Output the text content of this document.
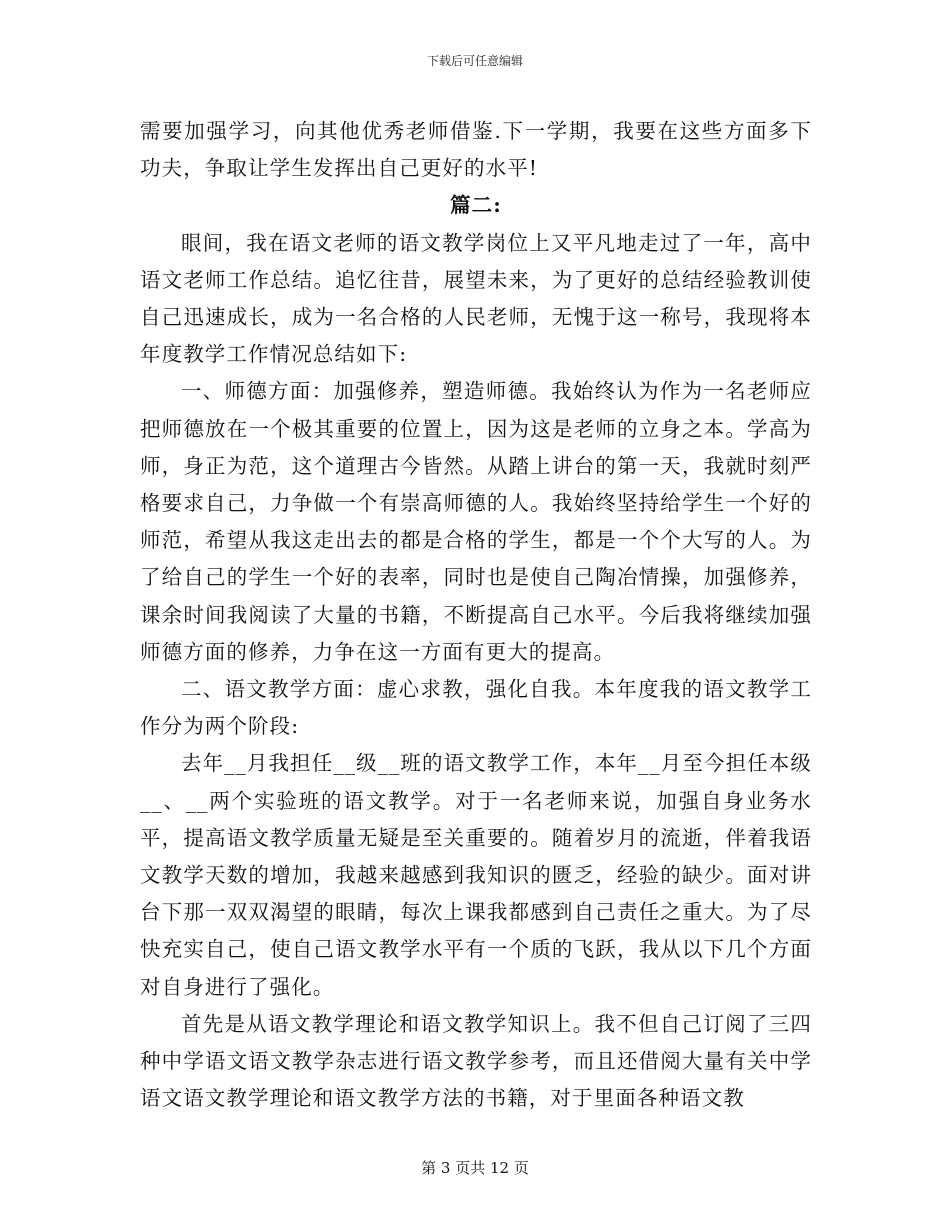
下载后可任意编辑

需要加强学习，向其他优秀老师借鉴.下一学期，我要在这些方面多下功夫，争取让学生发挥出自己更好的水平!

篇二:

眼间，我在语文老师的语文教学岗位上又平凡地走过了一年，高中语文老师工作总结。追忆往昔，展望未来，为了更好的总结经验教训使自己迅速成长，成为一名合格的人民老师，无愧于这一称号，我现将本年度教学工作情况总结如下:

一、师德方面：加强修养，塑造师德。我始终认为作为一名老师应把师德放在一个极其重要的位置上，因为这是老师的立身之本。学高为师，身正为范，这个道理古今皆然。从踏上讲台的第一天，我就时刻严格要求自己，力争做一个有崇高师德的人。我始终坚持给学生一个好的师范，希望从我这走出去的都是合格的学生，都是一个个大写的人。为了给自己的学生一个好的表率，同时也是使自己陶冶情操，加强修养，课余时间我阅读了大量的书籍，不断提高自己水平。今后我将继续加强师德方面的修养，力争在这一方面有更大的提高。

二、语文教学方面：虚心求教，强化自我。本年度我的语文教学工作分为两个阶段:

去年__月我担任__级__班的语文教学工作，本年__月至今担任本级__、__两个实验班的语文教学。对于一名老师来说，加强自身业务水平，提高语文教学质量无疑是至关重要的。随着岁月的流逝，伴着我语文教学天数的增加，我越来越感到我知识的匮乏，经验的缺少。面对讲台下那一双双渴望的眼睛，每次上课我都感到自己责任之重大。为了尽快充实自己，使自己语文教学水平有一个质的飞跃，我从以下几个方面对自身进行了强化。

首先是从语文教学理论和语文教学知识上。我不但自己订阅了三四种中学语文语文教学杂志进行语文教学参考，而且还借阅大量有关中学语文语文教学理论和语文教学方法的书籍，对于里面各种语文教

第 3 页共 12 页
